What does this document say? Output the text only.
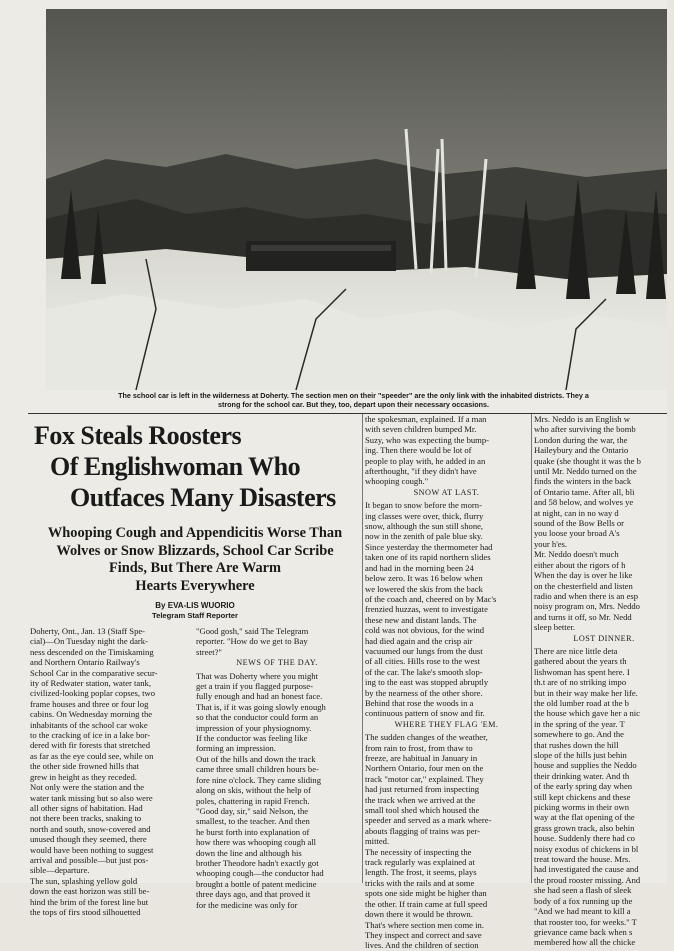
The school car is left in the wilderness at Doherty. The section men on their "speeder" are the only link with the inhabited districts. They a
strong for the school car. But they, too, depart upon their necessary occasions.
Fox Steals Roosters
Of Englishwoman Who
Outfaces Many Disasters
Whooping Cough and Appendicitis Worse Than
Wolves or Snow Blizzards, School Car Scribe
Finds, But There Are Warm
Hearts Everywhere
By EVA-LIS WUORIO
Telegram Staff Reporter
Doherty, Ont., Jan. 13 (Staff Spe-
cial)—On Tuesday night the dark-
ness descended on the Timiskaming
and Northern Ontario Railway's
School Car in the comparative secur-
ity of Redwater station, water tank,
civilized-looking poplar copses, two
frame houses and three or four log
cabins. On Wednesday morning the
inhabitants of the school car woke
to the cracking of ice in a lake bor-
dered with fir forests that stretched
as far as the eye could see, while on
the other side frowned hills that
grew in height as they receded.
Not only were the station and the
water tank missing but so also were
all other signs of habitation. Had
not there been tracks, snaking to
north and south, snow-covered and
unused though they seemed, there
would have been nothing to suggest
arrival and possible—but just pos-
sible—departure.
The sun, splashing yellow gold
down the east horizon was still be-
hind the brim of the forest line but
the tops of firs stood silhouetted
"Good gosh," said The Telegram
reporter. "How do we get to Bay
street?"
NEWS OF THE DAY.
That was Doherty where you might
get a train if you flagged purpose-
fully enough and had an honest face.
That is, if it was going slowly enough
so that the conductor could form an
impression of your physiognomy.
If the conductor was feeling like
forming an impression.
Out of the hills and down the track
came three small children hours be-
fore nine o'clock. They came sliding
along on skis, without the help of
poles, chattering in rapid French.
"Good day, sir," said Nelson, the
smallest, to the teacher. And then
he burst forth into explanation of
how there was whooping cough all
down the line and although his
brother Theodore hadn't exactly got
whooping cough—the conductor had
brought a bottle of patent medicine
three days ago, and that proved it
for the medicine was only for
the spokesman, explained. If a man
with seven children bumped Mr.
Suzy, who was expecting the bump-
ing. Then there would be lot of
people to play with, he added in an
afterthought, "if they didn't have
whooping cough."
SNOW AT LAST.
It began to snow before the morn-
ing classes were over, thick, flurry
snow, although the sun still shone,
now in the zenith of pale blue sky.
Since yesterday the thermometer had
taken one of its rapid northern slides
and had in the morning been 24
below zero. It was 16 below when
we lowered the skis from the back
of the coach and, cheered on by Mac's
frenzied huzzas, went to investigate
these new and distant lands. The
cold was not obvious, for the wind
had died again and the crisp air
vacuumed our lungs from the dust
of all cities. Hills rose to the west
of the car. The lake's smooth slop-
ing to the east was stopped abruptly
by the nearness of the other shore.
Behind that rose the woods in a
continuous pattern of snow and fir.
WHERE THEY FLAG 'EM.
The sudden changes of the weather,
from rain to frost, from thaw to
freeze, are habitual in January in
Northern Ontario, four men on the
track "motor car," explained. They
had just returned from inspecting
the track when we arrived at the
small tool shed which housed the
speeder and served as a mark where-
abouts flagging of trains was per-
mitted.
The necessity of inspecting the
track regularly was explained at
length. The frost, it seems, plays
tricks with the rails and at some
spots one side might be higher than
the other. If train came at full speed
down there it would be thrown.
That's where section men come in.
They inspect and correct and save
lives. And the children of section
Mrs. Neddo is an English w
who after surviving the bomb
London during the war, the
Haileybury and the Ontario
quake (she thought it was the b
until Mr. Neddo turned on the
finds the winters in the back
of Ontario tame. After all, bli
and 58 below, and wolves ye
at night, can in no way d
sound of the Bow Bells or
you loose your broad A's
your h'es.
Mr. Neddo doesn't much
either about the rigors of h
When the day is over he like
on the chesterfield and listen
radio and when there is an esp
noisy program on, Mrs. Neddo
and turns it off, so Mr. Nedd
sleep better.
LOST DINNER.
There are nice little deta
gathered about the years th
lishwoman has spent here. I
th.t are of no striking impo
but in their way make her life.
the old lumber road at the b
the house which gave her a nic
in the spring of the year. T
somewhere to go. And the
that rushes down the hill
slope of the hills just behin
house and supplies the Neddo
their drinking water. And th
of the early spring day when
still kept chickens and these
picking worms in their own
way at the flat opening of the
grass grown track, also behin
house. Suddenly there had co
noisy exodus of chickens in bl
treat toward the house. Mrs.
had investigated the cause and
the proud rooster missing. And
she had seen a flash of sleek
body of a fox running up the
"And we had meant to kill a
that rooster too, for weeks." T
grievance came back when s
membered how all the chicke
